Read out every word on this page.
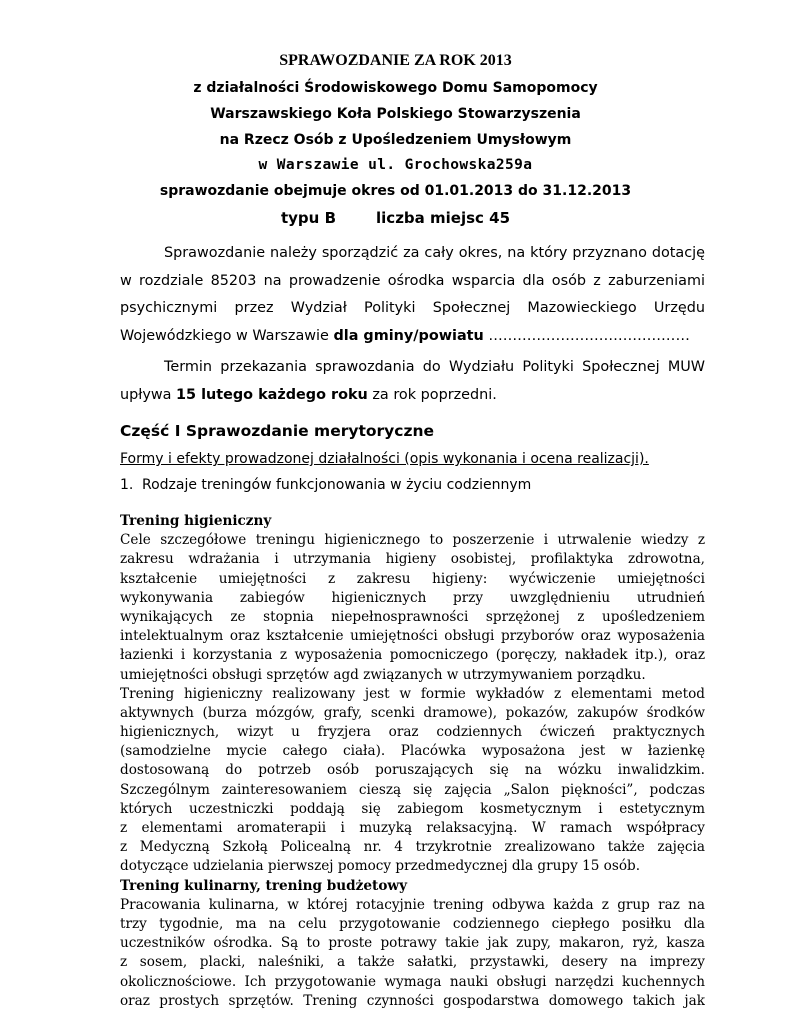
SPRAWOZDANIE ZA ROK 2013
z działalności Środowiskowego Domu Samopomocy
Warszawskiego Koła Polskiego Stowarzyszenia
na Rzecz Osób z Upośledzeniem Umysłowym
w Warszawie ul. Grochowska259a
sprawozdanie obejmuje okres od 01.01.2013 do 31.12.2013
typu B	liczba miejsc 45
Sprawozdanie należy sporządzić za cały okres, na który przyznano dotację
w rozdziale 85203 na prowadzenie ośrodka wsparcia dla osób z zaburzeniami
psychicznymi przez Wydział Polityki Społecznej Mazowieckiego Urzędu
Wojewódzkiego w Warszawie dla gminy/powiatu ……………………………………
Termin przekazania sprawozdania do Wydziału Polityki Społecznej MUW
upływa 15 lutego każdego roku za rok poprzedni.
Część I Sprawozdanie merytoryczne
Formy i efekty prowadzonej działalności (opis wykonania i ocena realizacji).
1. Rodzaje treningów funkcjonowania w życiu codziennym
Trening higieniczny
Cele szczegółowe treningu higienicznego to poszerzenie i utrwalenie wiedzy z
zakresu wdrażania i utrzymania higieny osobistej, profilaktyka zdrowotna,
kształcenie umiejętności z zakresu higieny: wyćwiczenie umiejętności
wykonywania zabiegów higienicznych przy uwzględnieniu utrudnień
wynikających ze stopnia niepełnosprawności sprzężonej z upośledzeniem
intelektualnym oraz kształcenie umiejętności obsługi przyborów oraz wyposażenia
łazienki i korzystania z wyposażenia pomocniczego (poręczy, nakładek itp.), oraz
umiejętności obsługi sprzętów agd związanych w utrzymywaniem porządku.
Trening higieniczny realizowany jest w formie wykładów z elementami metod
aktywnych (burza mózgów, grafy, scenki dramowe), pokazów, zakupów środków
higienicznych, wizyt u fryzjera oraz codziennych ćwiczeń praktycznych
(samodzielne mycie całego ciała). Placówka wyposażona jest w łazienkę
dostosowaną do potrzeb osób poruszających się na wózku inwalidzkim.
Szczególnym zainteresowaniem cieszą się zajęcia „Salon piękności”, podczas
których uczestniczki poddają się zabiegom kosmetycznym i estetycznym
z elementami aromaterapii i muzyką relaksacyjną. W ramach współpracy
z Medyczną Szkołą Policealną nr. 4 trzykrotnie zrealizowano także zajęcia
dotyczące udzielania pierwszej pomocy przedmedycznej dla grupy 15 osób.
Trening kulinarny, trening budżetowy
Pracowania kulinarna, w której rotacyjnie trening odbywa każda z grup raz na
trzy tygodnie, ma na celu przygotowanie codziennego ciepłego posiłku dla
uczestników ośrodka. Są to proste potrawy takie jak zupy, makaron, ryż, kasza
z sosem, placki, naleśniki, a także sałatki, przystawki, desery na imprezy
okolicznościowe. Ich przygotowanie wymaga nauki obsługi narzędzi kuchennych
oraz prostych sprzętów. Trening czynności gospodarstwa domowego takich jak
